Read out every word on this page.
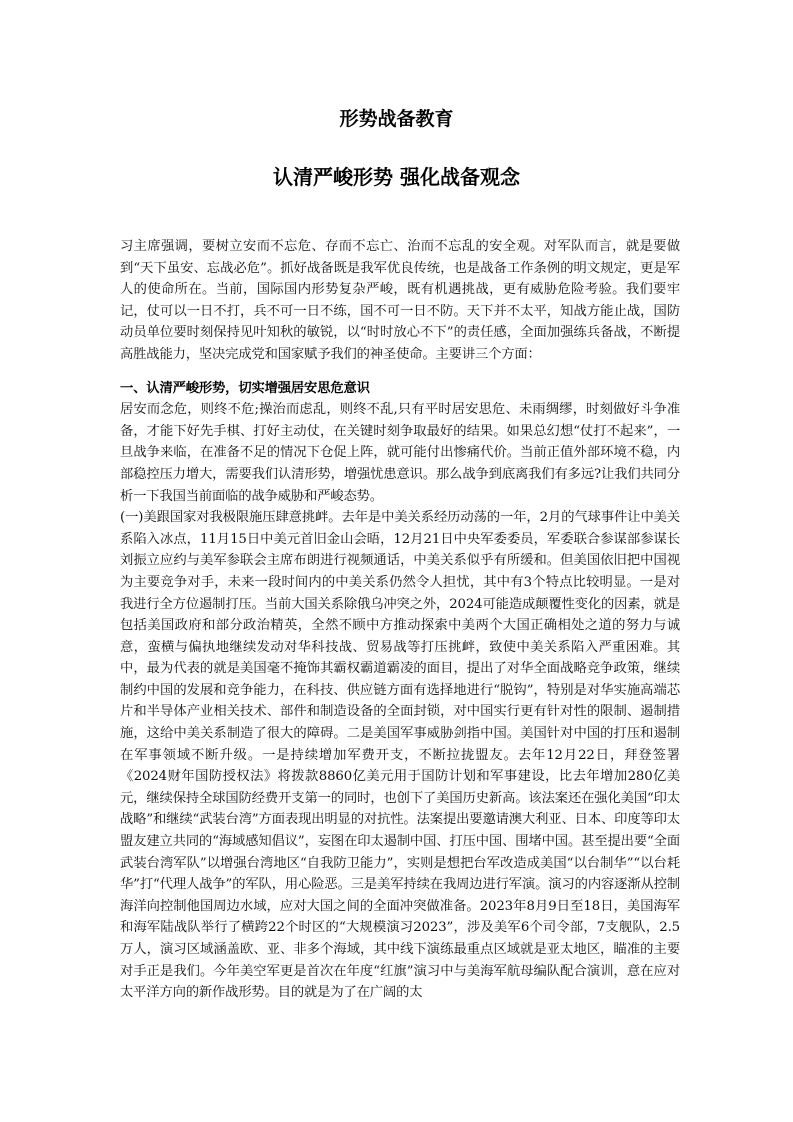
形势战备教育
认清严峻形势 强化战备观念

习主席强调，要树立安而不忘危、存而不忘亡、治而不忘乱的安全观。对军队而言，就是要做到“天下虽安、忘战必危”。抓好战备既是我军优良传统，也是战备工作条例的明文规定，更是军人的使命所在。当前，国际国内形势复杂严峻，既有机遇挑战，更有威胁危险考验。我们要牢记，仗可以一日不打，兵不可一日不练，国不可一日不防。天下并不太平，知战方能止战，国防动员单位要时刻保持见叶知秋的敏锐，以“时时放心不下”的责任感，全面加强练兵备战，不断提高胜战能力，坚决完成党和国家赋予我们的神圣使命。主要讲三个方面：

一、认清严峻形势，切实增强居安思危意识

居安而念危，则终不危;操治而虑乱，则终不乱,只有平时居安思危、未雨绸缪，时刻做好斗争准备，才能下好先手棋、打好主动仗，在关键时刻争取最好的结果。如果总幻想“仗打不起来”，一旦战争来临，在准备不足的情况下仓促上阵，就可能付出惨痛代价。当前正值外部环境不稳，内部稳控压力增大，需要我们认清形势，增强忧患意识。那么战争到底离我们有多远?让我们共同分析一下我国当前面临的战争威胁和严峻态势。

(一)美跟国家对我极限施压肆意挑衅。去年是中美关系经历动荡的一年，2月的气球事件让中美关系陷入冰点，11月15日中美元首旧金山会晤，12月21日中央军委委员，军委联合参谋部参谋长刘振立应约与美军参联会主席布朗进行视频通话，中美关系似乎有所缓和。但美国依旧把中国视为主要竞争对手，未来一段时间内的中美关系仍然令人担忧，其中有3个特点比较明显。一是对我进行全方位遏制打压。当前大国关系除俄乌冲突之外，2024可能造成颠覆性变化的因素，就是包括美国政府和部分政治精英，全然不顾中方推动探索中美两个大国正确相处之道的努力与诚意，蛮横与偏执地继续发动对华科技战、贸易战等打压挑衅，致使中美关系陷入严重困难。其中，最为代表的就是美国毫不掩饰其霸权霸道霸凌的面目，提出了对华全面战略竞争政策，继续制约中国的发展和竞争能力，在科技、供应链方面有选择地进行“脱钩”，特别是对华实施高端芯片和半导体产业相关技术、部件和制造设备的全面封锁，对中国实行更有针对性的限制、遏制措施，这给中美关系制造了很大的障碍。二是美国军事威胁剑指中国。美国针对中国的打压和遏制在军事领域不断升级。一是持续增加军费开支，不断拉拢盟友。去年12月22日，拜登签署《2024财年国防授权法》将拨款8860亿美元用于国防计划和军事建设，比去年增加280亿美元，继续保持全球国防经费开支第一的同时，也创下了美国历史新高。该法案还在强化美国“印太战略”和继续“武装台湾”方面表现出明显的对抗性。法案提出要邀请澳大利亚、日本、印度等印太盟友建立共同的“海域感知倡议”，妄图在印太遏制中国、打压中国、围堵中国。甚至提出要“全面武装台湾军队”以增强台湾地区“自我防卫能力”，实则是想把台军改造成美国“以台制华”“以台耗华”打“代理人战争”的军队，用心险恶。三是美军持续在我周边进行军演。演习的内容逐渐从控制海洋向控制他国周边水域，应对大国之间的全面冲突做准备。2023年8月9日至18日，美国海军和海军陆战队举行了横跨22个时区的“大规模演习2023”，涉及美军6个司令部，7支舰队，2.5万人，演习区域涵盖欧、亚、非多个海域，其中线下演练最重点区域就是亚太地区，瞄准的主要对手正是我们。今年美空军更是首次在年度“红旗”演习中与美海军航母编队配合演训，意在应对太平洋方向的新作战形势。目的就是为了在广阔的太
